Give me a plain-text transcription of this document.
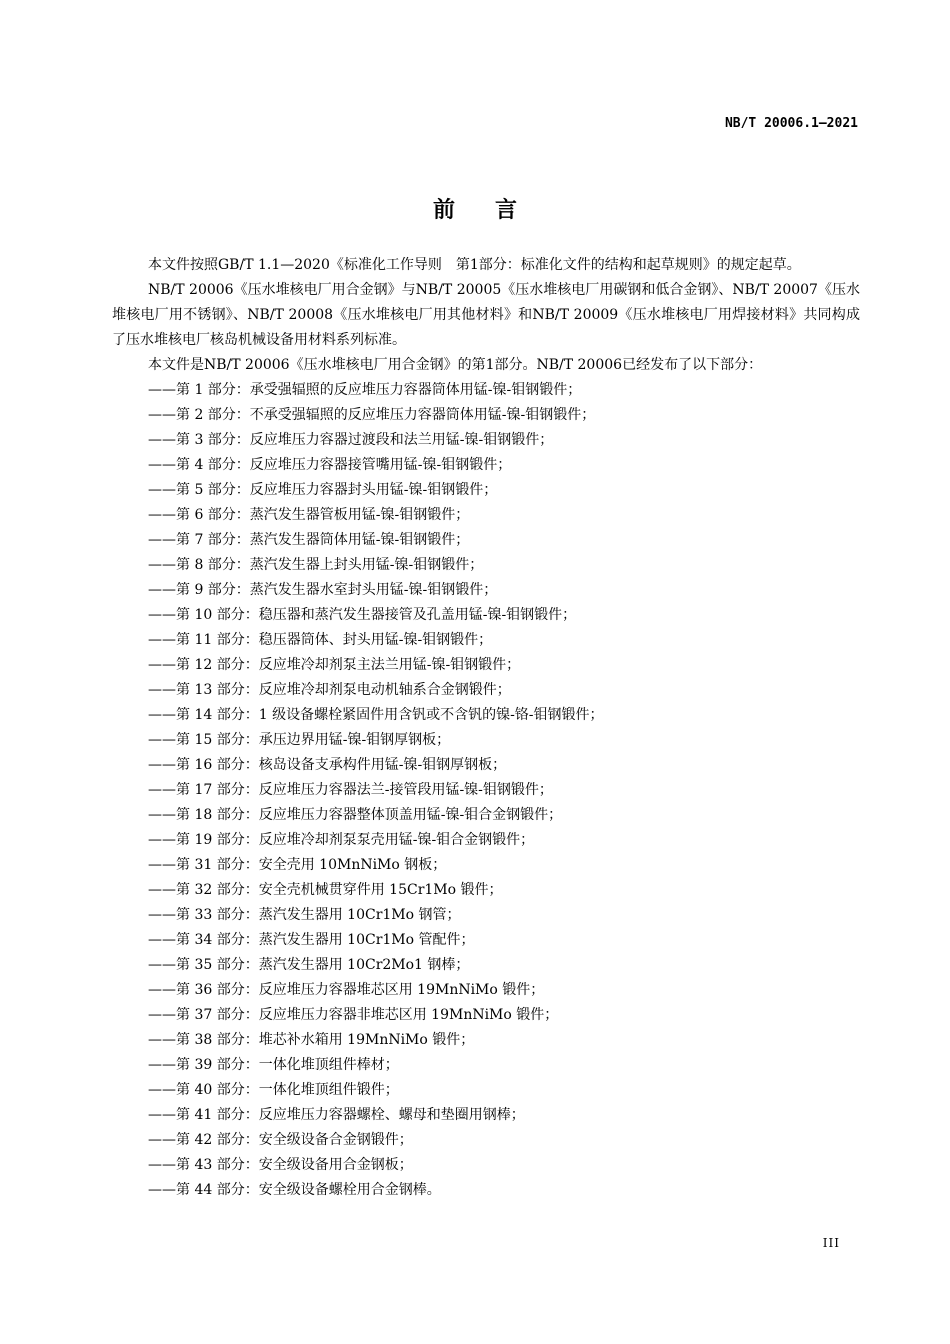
NB/T 20006.1—2021
前言

本文件按照GB/T 1.1—2020《标准化工作导则　第1部分：标准化文件的结构和起草规则》的规定起草。

NB/T 20006《压水堆核电厂用合金钢》与NB/T 20005《压水堆核电厂用碳钢和低合金钢》、NB/T 20007《压水堆核电厂用不锈钢》、NB/T 20008《压水堆核电厂用其他材料》和NB/T 20009《压水堆核电厂用焊接材料》共同构成了压水堆核电厂核岛机械设备用材料系列标准。

本文件是NB/T 20006《压水堆核电厂用合金钢》的第1部分。NB/T 20006已经发布了以下部分：

——第 1 部分：承受强辐照的反应堆压力容器筒体用锰-镍-钼钢锻件；
——第 2 部分：不承受强辐照的反应堆压力容器筒体用锰-镍-钼钢锻件；
——第 3 部分：反应堆压力容器过渡段和法兰用锰-镍-钼钢锻件；
——第 4 部分：反应堆压力容器接管嘴用锰-镍-钼钢锻件；
——第 5 部分：反应堆压力容器封头用锰-镍-钼钢锻件；
——第 6 部分：蒸汽发生器管板用锰-镍-钼钢锻件；
——第 7 部分：蒸汽发生器筒体用锰-镍-钼钢锻件；
——第 8 部分：蒸汽发生器上封头用锰-镍-钼钢锻件；
——第 9 部分：蒸汽发生器水室封头用锰-镍-钼钢锻件；
——第 10 部分：稳压器和蒸汽发生器接管及孔盖用锰-镍-钼钢锻件；
——第 11 部分：稳压器筒体、封头用锰-镍-钼钢锻件；
——第 12 部分：反应堆冷却剂泵主法兰用锰-镍-钼钢锻件；
——第 13 部分：反应堆冷却剂泵电动机轴系合金钢锻件；
——第 14 部分：1 级设备螺栓紧固件用含钒或不含钒的镍-铬-钼钢锻件；
——第 15 部分：承压边界用锰-镍-钼钢厚钢板；
——第 16 部分：核岛设备支承构件用锰-镍-钼钢厚钢板；
——第 17 部分：反应堆压力容器法兰-接管段用锰-镍-钼钢锻件；
——第 18 部分：反应堆压力容器整体顶盖用锰-镍-钼合金钢锻件；
——第 19 部分：反应堆冷却剂泵泵壳用锰-镍-钼合金钢锻件；
——第 31 部分：安全壳用 10MnNiMo 钢板；
——第 32 部分：安全壳机械贯穿件用 15Cr1Mo 锻件；
——第 33 部分：蒸汽发生器用 10Cr1Mo 钢管；
——第 34 部分：蒸汽发生器用 10Cr1Mo 管配件；
——第 35 部分：蒸汽发生器用 10Cr2Mo1 钢棒；
——第 36 部分：反应堆压力容器堆芯区用 19MnNiMo 锻件；
——第 37 部分：反应堆压力容器非堆芯区用 19MnNiMo 锻件；
——第 38 部分：堆芯补水箱用 19MnNiMo 锻件；
——第 39 部分：一体化堆顶组件棒材；
——第 40 部分：一体化堆顶组件锻件；
——第 41 部分：反应堆压力容器螺栓、螺母和垫圈用钢棒；
——第 42 部分：安全级设备合金钢锻件；
——第 43 部分：安全级设备用合金钢板；
——第 44 部分：安全级设备螺栓用合金钢棒。
III
